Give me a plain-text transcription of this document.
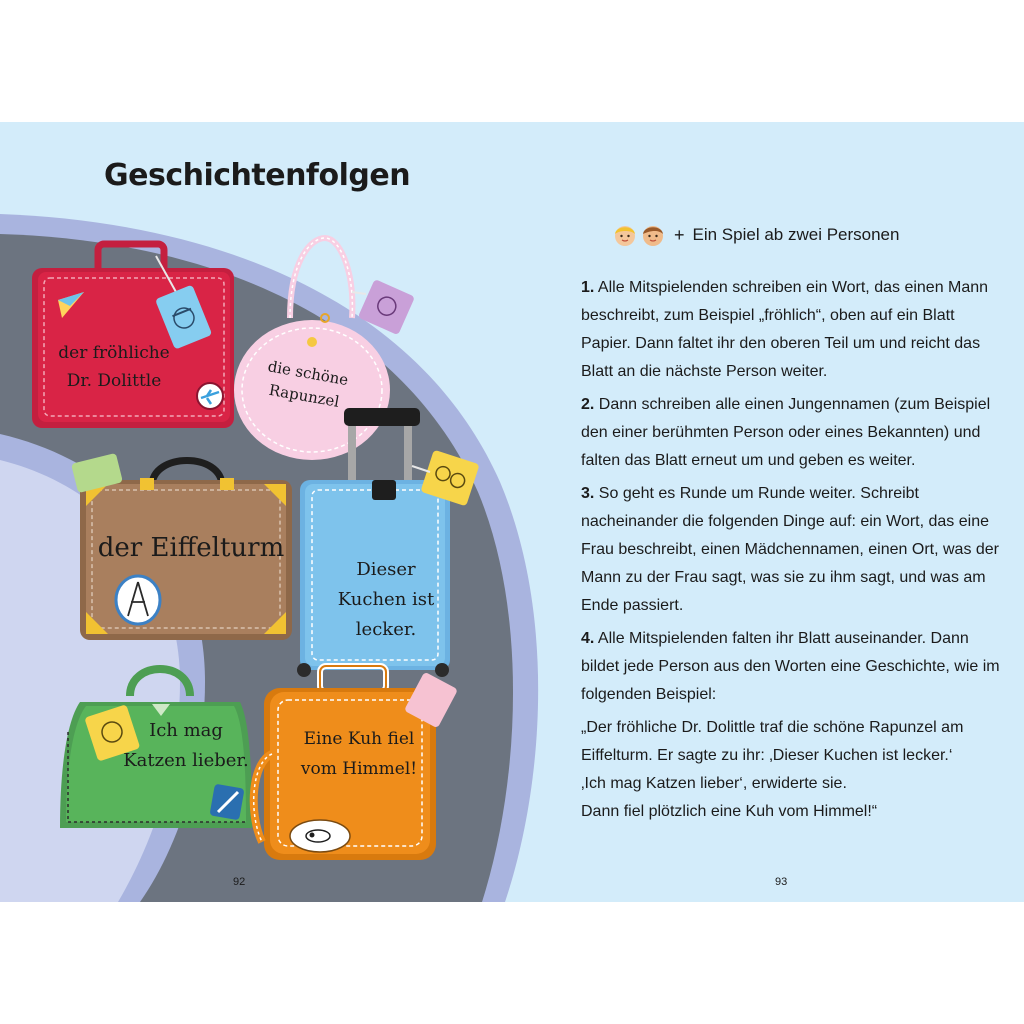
Geschichtenfolgen
+ Ein Spiel ab zwei Personen

1. Alle Mitspielenden schreiben ein Wort, das einen Mann beschreibt, zum Beispiel „fröhlich“, oben auf ein Blatt Papier. Dann faltet ihr den oberen Teil um und reicht das Blatt an die nächste Person weiter.

2. Dann schreiben alle einen Jungennamen (zum Beispiel den einer berühmten Person oder eines Bekannten) und falten das Blatt erneut um und geben es weiter.

3. So geht es Runde um Runde weiter. Schreibt nacheinander die folgenden Dinge auf: ein Wort, das eine Frau beschreibt, einen Mädchennamen, einen Ort, was der Mann zu der Frau sagt, was sie zu ihm sagt, und was am Ende passiert.

4. Alle Mitspielenden falten ihr Blatt auseinander. Dann bildet jede Person aus den Worten eine Geschichte, wie im folgenden Beispiel:

„Der fröhliche Dr. Dolittle traf die schöne Rapunzel am Eiffelturm. Er sagte zu ihr: ‚Dieser Kuchen ist lecker.‘
‚Ich mag Katzen lieber‘, erwiderte sie.
Dann fiel plötzlich eine Kuh vom Himmel!“
der fröhliche Dr. Dolittle	die schöne Rapunzel
der Eiffelturm
Dieser Kuchen ist lecker.
Ich mag Katzen lieber.
Eine Kuh fiel vom Himmel!
92	93
